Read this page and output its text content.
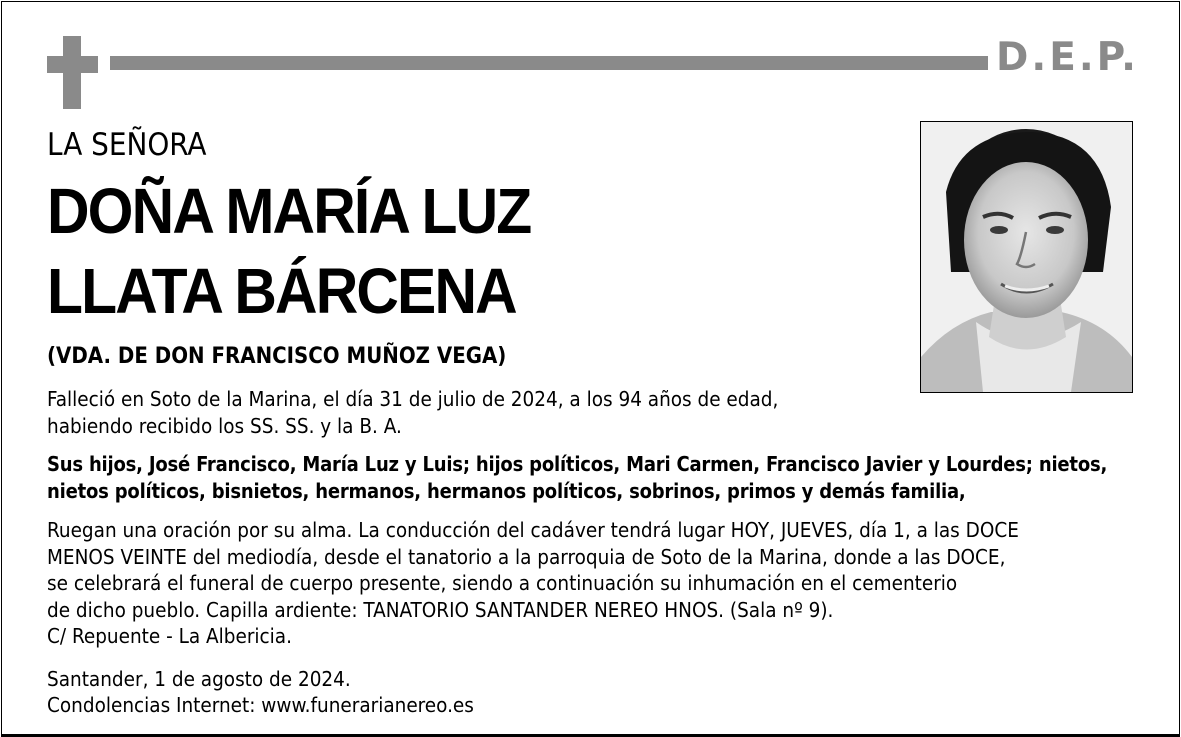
D.E.P.
LA SEÑORA
DOÑA MARÍA LUZ
LLATA BÁRCENA
(VDA. DE DON FRANCISCO MUÑOZ VEGA)
Falleció en Soto de la Marina, el día 31 de julio de 2024, a los 94 años de edad,
habiendo recibido los SS. SS. y la B. A.
Sus hijos, José Francisco, María Luz y Luis; hijos políticos, Mari Carmen, Francisco Javier y Lourdes; nietos,
nietos políticos, bisnietos, hermanos, hermanos políticos, sobrinos, primos y demás familia,
Ruegan una oración por su alma. La conducción del cadáver tendrá lugar HOY, JUEVES, día 1, a las DOCE
MENOS VEINTE del mediodía, desde el tanatorio a la parroquia de Soto de la Marina, donde a las DOCE,
se celebrará el funeral de cuerpo presente, siendo a continuación su inhumación en el cementerio
de dicho pueblo. Capilla ardiente: TANATORIO SANTANDER NEREO HNOS. (Sala nº 9).
C/ Repuente - La Albericia.
Santander, 1 de agosto de 2024.
Condolencias Internet: www.funerarianereo.es
